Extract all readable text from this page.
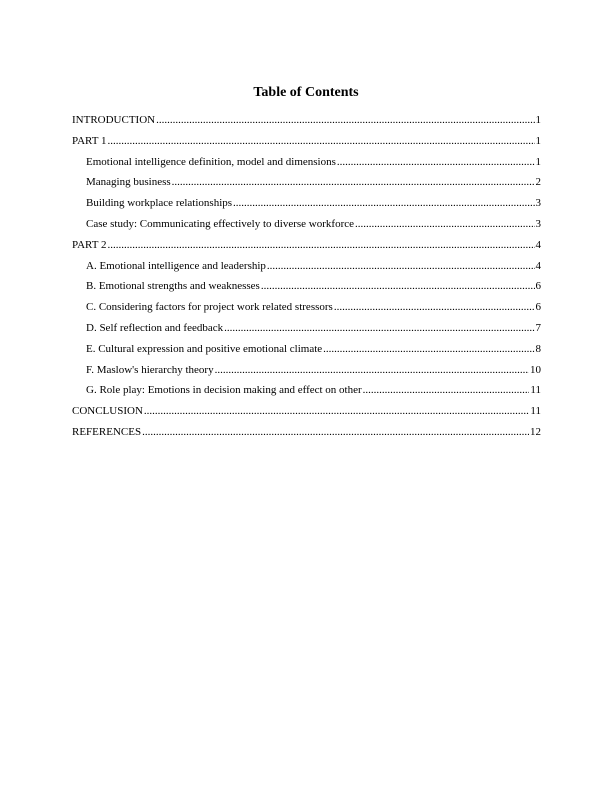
Table of Contents
INTRODUCTION .....	1
PART 1 .....	1
Emotional intelligence definition, model and dimensions .....	1
Managing business .....	2
Building workplace relationships .....	3
Case study: Communicating effectively to diverse workforce .....	3
PART 2 .....	4
A. Emotional intelligence and leadership .....	4
B. Emotional strengths and weaknesses .....	6
C. Considering factors for project work related stressors .....	6
D. Self reflection and feedback .....	7
E. Cultural expression and positive emotional climate .....	8
F. Maslow's hierarchy theory .....	10
G. Role play: Emotions in decision making and effect on other .....	11
CONCLUSION .....	11
REFERENCES .....	12
